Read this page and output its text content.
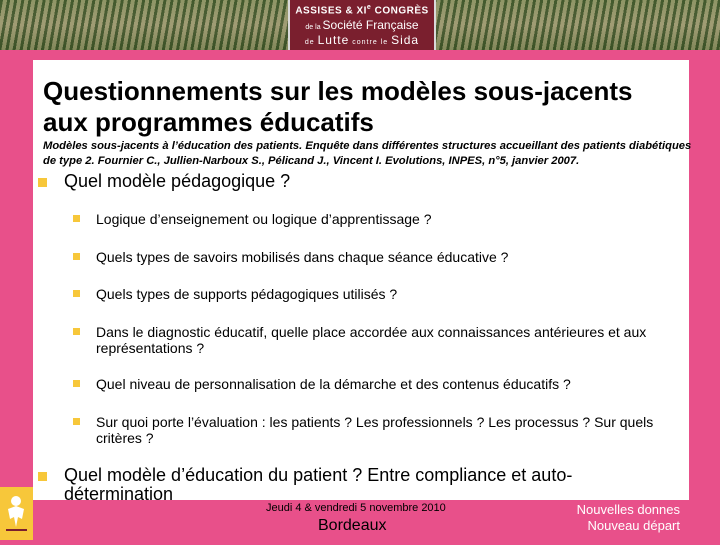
ASSISES & XIe CONGRÈS
de la Société Française
de Lutte contre le Sida
Questionnements sur les modèles sous-jacents aux programmes éducatifs
Modèles sous-jacents à l’éducation des patients. Enquête dans différentes structures accueillant des patients diabétiques de type 2. Fournier C., Jullien-Narboux S., Pélicand J., Vincent I. Evolutions, INPES, n°5, janvier 2007.
Quel modèle pédagogique ?
Logique d’enseignement ou logique d’apprentissage ?
Quels types de savoirs mobilisés dans chaque séance éducative ?
Quels types de supports pédagogiques utilisés ?
Dans le diagnostic éducatif, quelle place accordée aux connaissances antérieures et aux représentations ?
Quel niveau de personnalisation de la démarche et des contenus éducatifs ?
Sur quoi porte l’évaluation : les patients ? Les professionnels ? Les processus ? Sur quels critères ?
Quel modèle d’éducation du patient ? Entre compliance et auto-détermination
Jeudi 4 & vendredi 5 novembre 2010
Bordeaux
Nouvelles donnes
Nouveau départ
